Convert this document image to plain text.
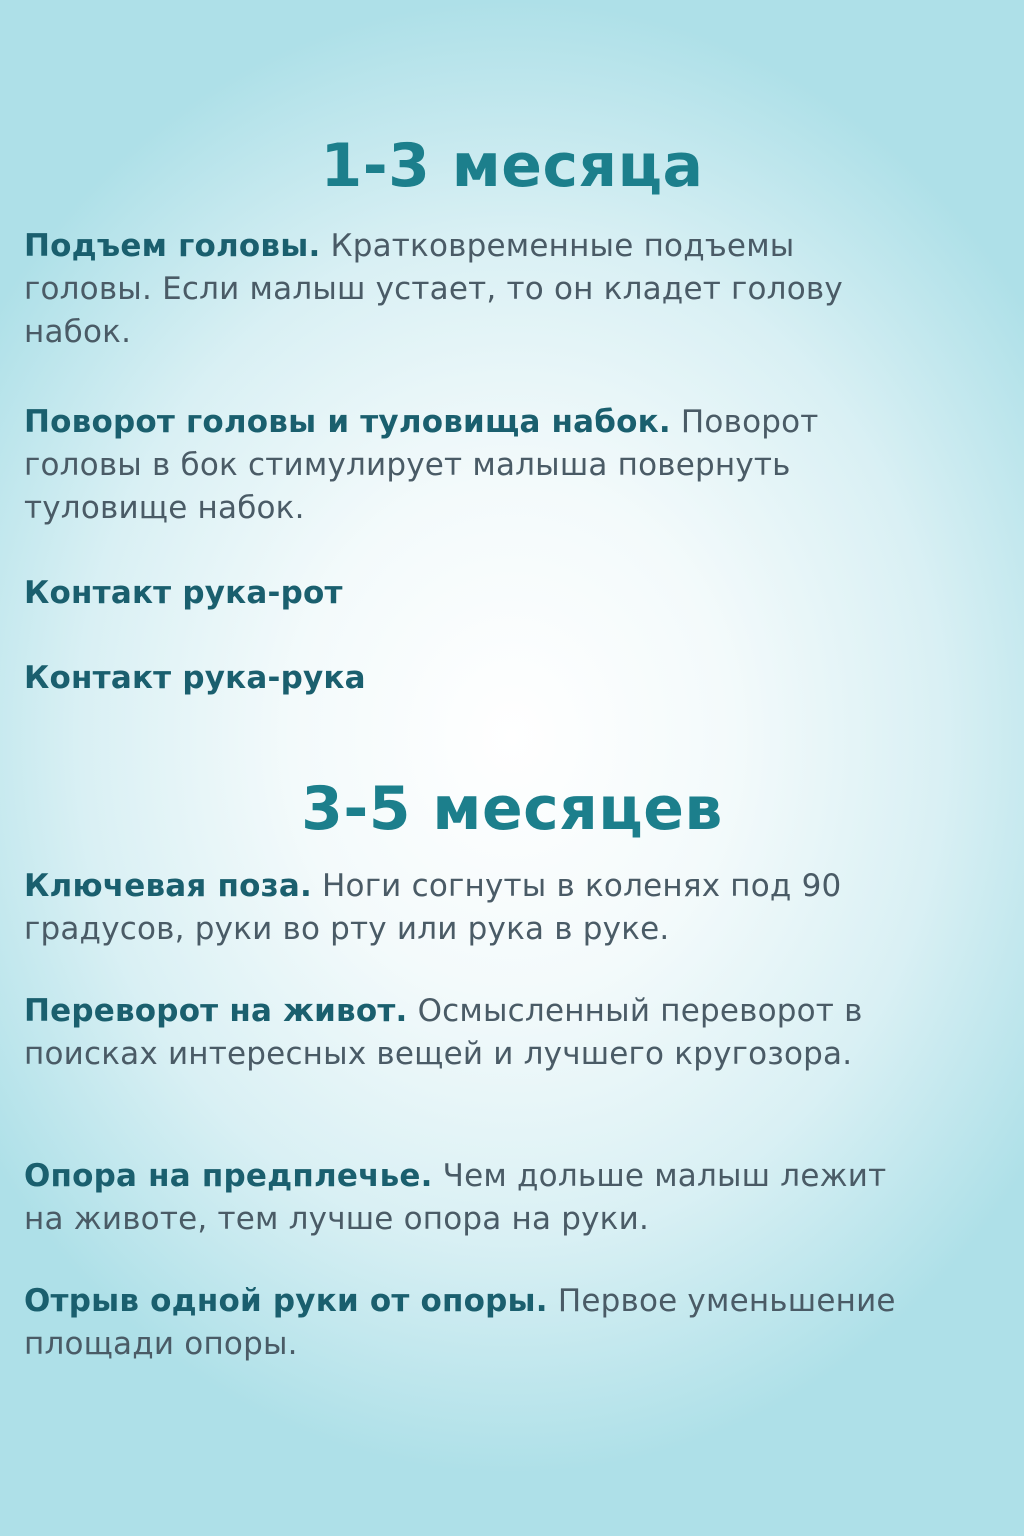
1-3 месяца

Подъем головы. Кратковременные подъемы головы. Если малыш устает, то он кладет голову набок.

Поворот головы и туловища набок. Поворот головы в бок стимулирует малыша повернуть туловище набок.

Контакт рука-рот

Контакт рука-рука

3-5 месяцев

Ключевая поза. Ноги согнуты в коленях под 90 градусов, руки во рту или рука в руке.

Переворот на живот. Осмысленный переворот в поисках интересных вещей и лучшего кругозора.

Опора на предплечье. Чем дольше малыш лежит на животе, тем лучше опора на руки.

Отрыв одной руки от опоры. Первое уменьшение площади опоры.
